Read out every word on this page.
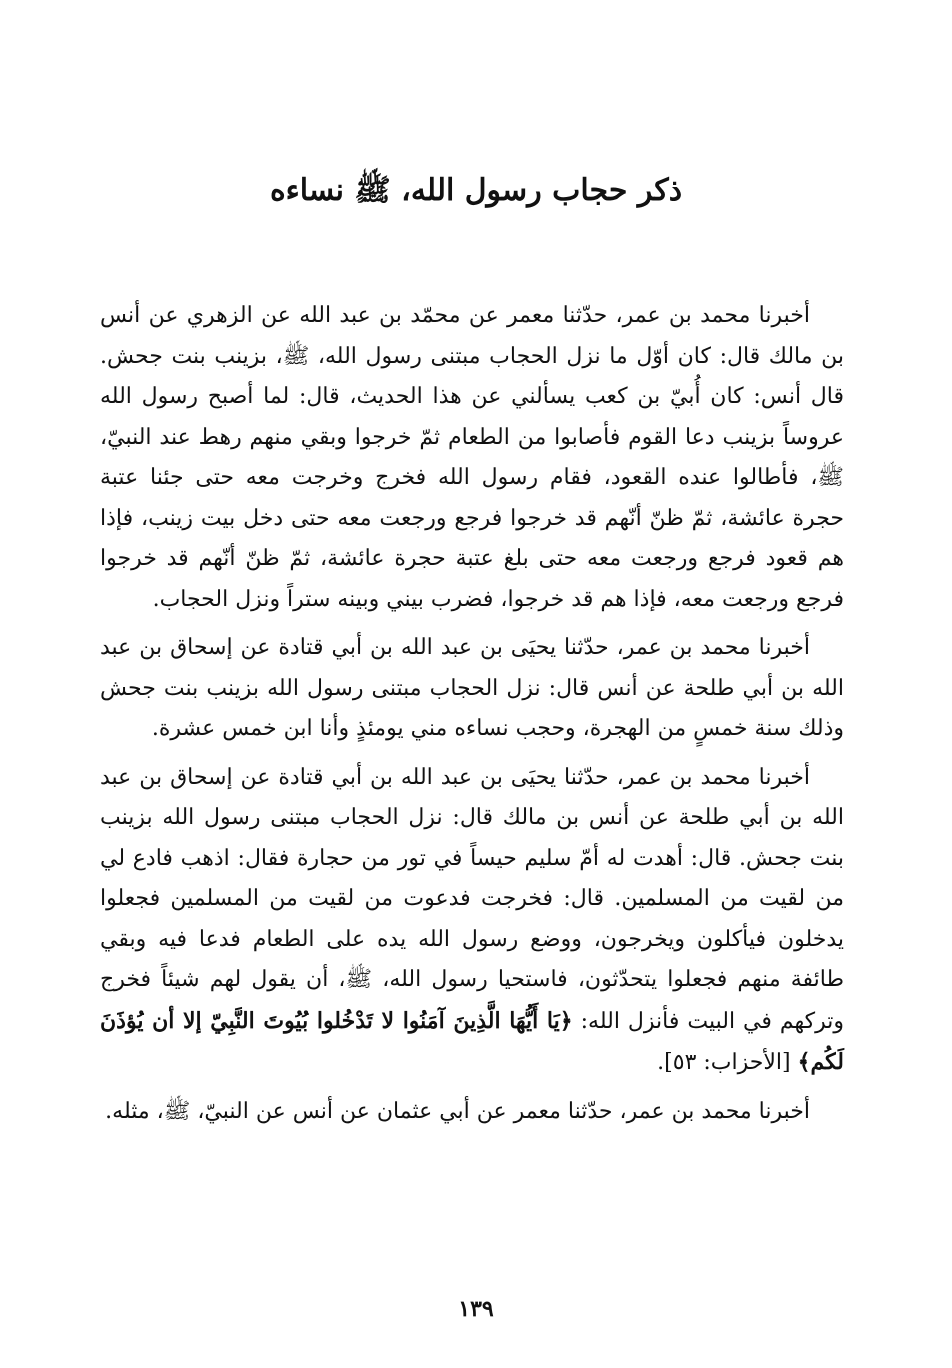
ذكر حجاب رسول الله، ﷺ نساءه

أخبرنا محمد بن عمر، حدّثنا معمر عن محمّد بن عبد الله عن الزهري عن أنس بن مالك قال: كان أوّل ما نزل الحجاب مبتنى رسول الله، ﷺ، بزينب بنت جحش. قال أنس: كان أُبيّ بن كعب يسألني عن هذا الحديث، قال: لما أصبح رسول الله عروساً بزينب دعا القوم فأصابوا من الطعام ثمّ خرجوا وبقي منهم رهط عند النبيّ، ﷺ، فأطالوا عنده القعود، فقام رسول الله فخرج وخرجت معه حتى جئنا عتبة حجرة عائشة، ثمّ ظنّ أنّهم قد خرجوا فرجع ورجعت معه حتى دخل بيت زينب، فإذا هم قعود فرجع ورجعت معه حتى بلغ عتبة حجرة عائشة، ثمّ ظنّ أنّهم قد خرجوا فرجع ورجعت معه، فإذا هم قد خرجوا، فضرب بيني وبينه ستراً ونزل الحجاب.

أخبرنا محمد بن عمر، حدّثنا يحيَى بن عبد الله بن أبي قتادة عن إسحاق بن عبد الله بن أبي طلحة عن أنس قال: نزل الحجاب مبتنى رسول الله بزينب بنت جحش وذلك سنة خمسٍ من الهجرة، وحجب نساءه مني يومئذٍ وأنا ابن خمس عشرة.

أخبرنا محمد بن عمر، حدّثنا يحيَى بن عبد الله بن أبي قتادة عن إسحاق بن عبد الله بن أبي طلحة عن أنس بن مالك قال: نزل الحجاب مبتنى رسول الله بزينب بنت جحش. قال: أهدت له أمّ سليم حيساً في تور من حجارة فقال: اذهب فادع لي من لقيت من المسلمين. قال: فخرجت فدعوت من لقيت من المسلمين فجعلوا يدخلون فيأكلون ويخرجون، ووضع رسول الله يده على الطعام فدعا فيه وبقي طائفة منهم فجعلوا يتحدّثون، فاستحيا رسول الله، ﷺ، أن يقول لهم شيئاً فخرج وتركهم في البيت فأنزل الله: ﴿يَا أَيُّهَا الَّذِينَ آمَنُوا لا تَدْخُلوا بُيُوتَ النَّبِيّ إلا أن يُؤذَنَ لَكُم﴾ [الأحزاب: ٥٣].

أخبرنا محمد بن عمر، حدّثنا معمر عن أبي عثمان عن أنس عن النبيّ، ﷺ، مثله.

١٣٩
